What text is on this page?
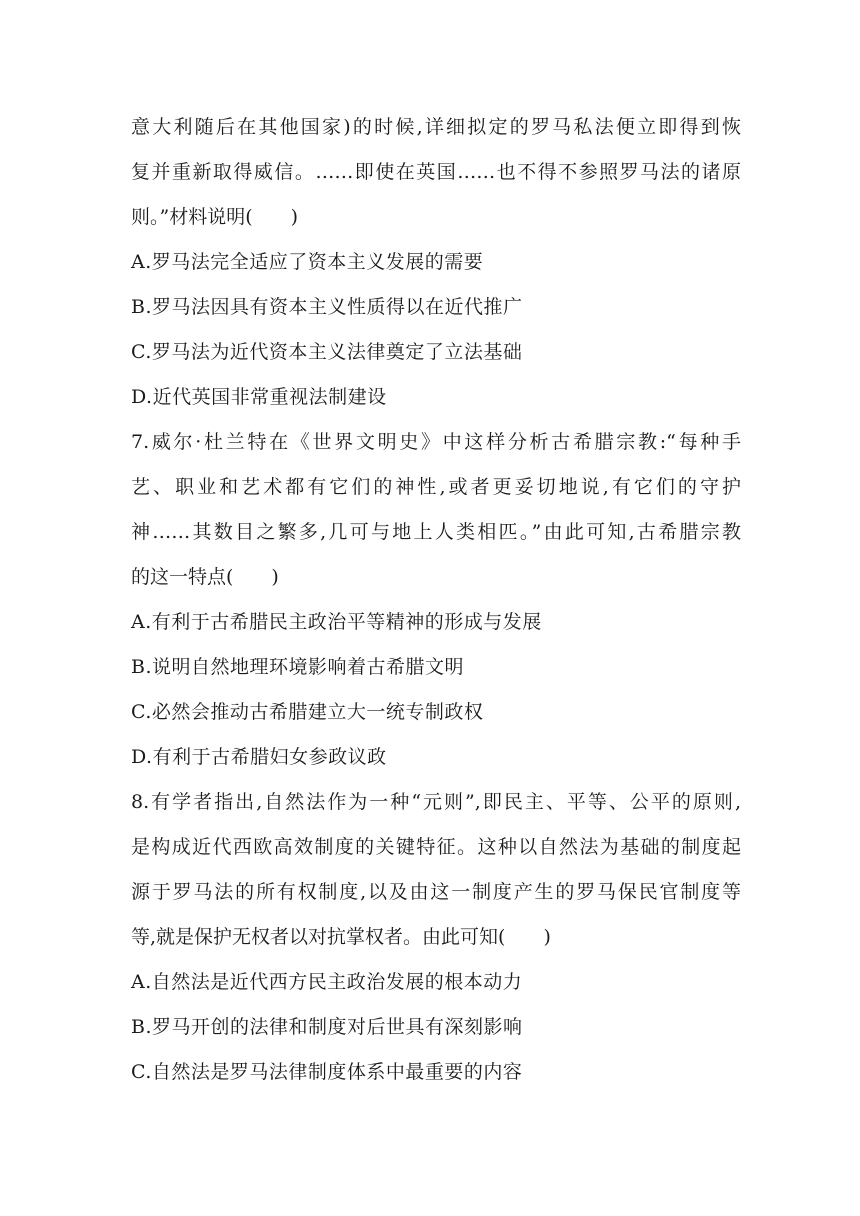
意大利随后在其他国家)的时候,详细拟定的罗马私法便立即得到恢
复并重新取得威信。……即使在英国……也不得不参照罗马法的诸原
则。”材料说明(　　)
A.罗马法完全适应了资本主义发展的需要
B.罗马法因具有资本主义性质得以在近代推广
C.罗马法为近代资本主义法律奠定了立法基础
D.近代英国非常重视法制建设
7.威尔·杜兰特在《世界文明史》中这样分析古希腊宗教:“每种手
艺、职业和艺术都有它们的神性,或者更妥切地说,有它们的守护
神……其数目之繁多,几可与地上人类相匹。”由此可知,古希腊宗教
的这一特点(　　)
A.有利于古希腊民主政治平等精神的形成与发展
B.说明自然地理环境影响着古希腊文明
C.必然会推动古希腊建立大一统专制政权
D.有利于古希腊妇女参政议政
8.有学者指出,自然法作为一种“元则”,即民主、平等、公平的原则,
是构成近代西欧高效制度的关键特征。这种以自然法为基础的制度起
源于罗马法的所有权制度,以及由这一制度产生的罗马保民官制度等
等,就是保护无权者以对抗掌权者。由此可知(　　)
A.自然法是近代西方民主政治发展的根本动力
B.罗马开创的法律和制度对后世具有深刻影响
C.自然法是罗马法律制度体系中最重要的内容
